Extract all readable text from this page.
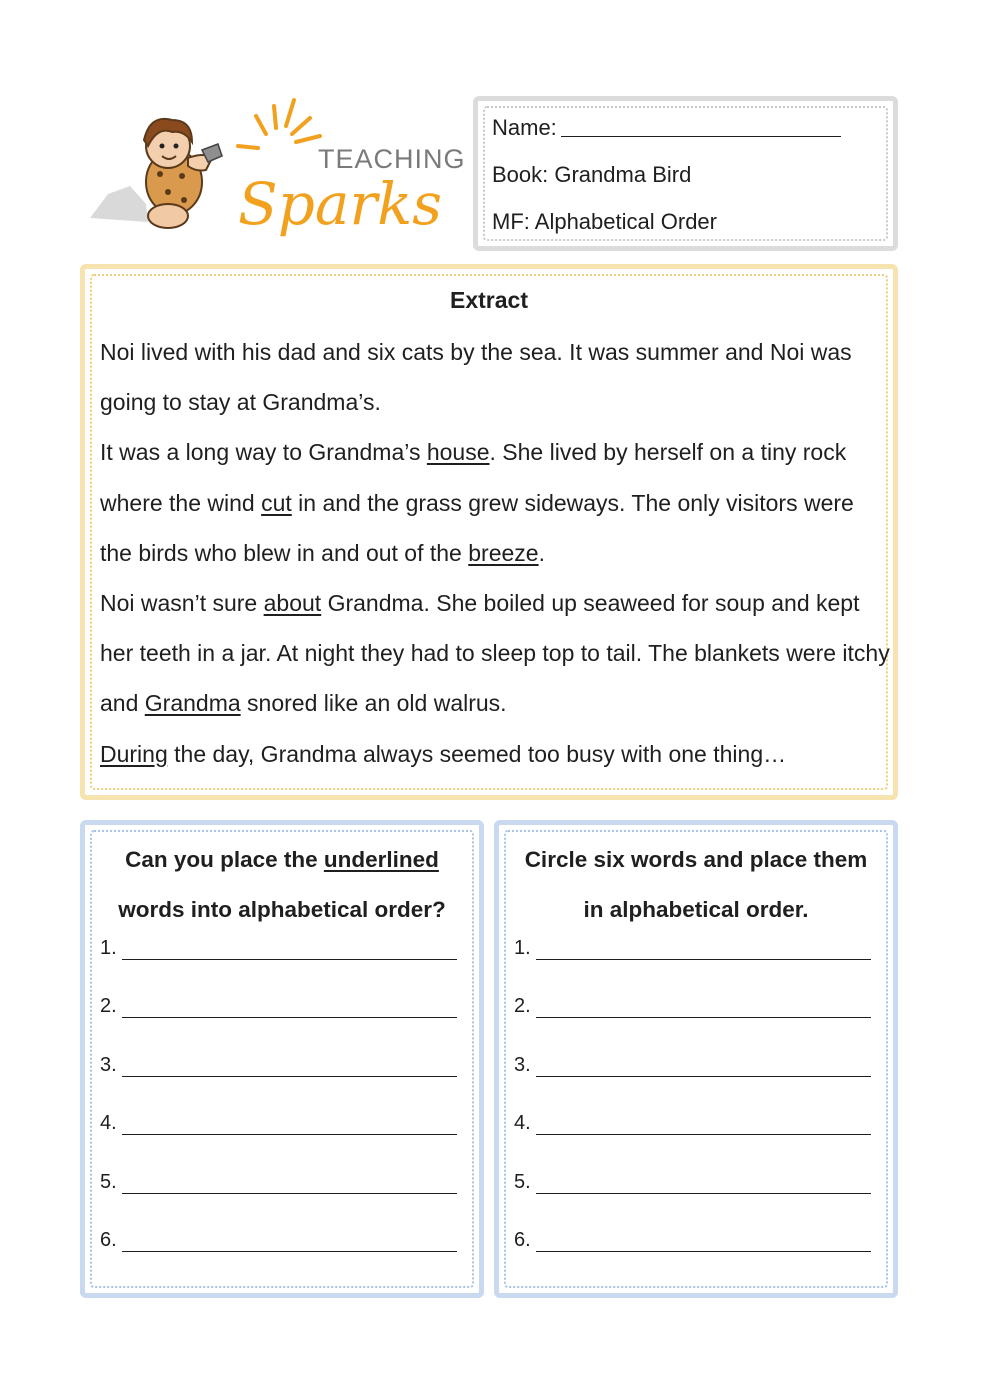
TEACHING
Sparks
Name:
Book: Grandma Bird
MF: Alphabetical Order
Extract

Noi lived with his dad and six cats by the sea. It was summer and Noi was going to stay at Grandma’s.

It was a long way to Grandma’s house. She lived by herself on a tiny rock where the wind cut in and the grass grew sideways. The only visitors were the birds who blew in and out of the breeze.

Noi wasn’t sure about Grandma. She boiled up seaweed for soup and kept her teeth in a jar. At night they had to sleep top to tail. The blankets were itchy and Grandma snored like an old walrus.

During the day, Grandma always seemed too busy with one thing…

Can you place the underlined
words into alphabetical order?
1.
2.
3.
4.
5.
6.
Circle six words and place them
in alphabetical order.
1.
2.
3.
4.
5.
6.
